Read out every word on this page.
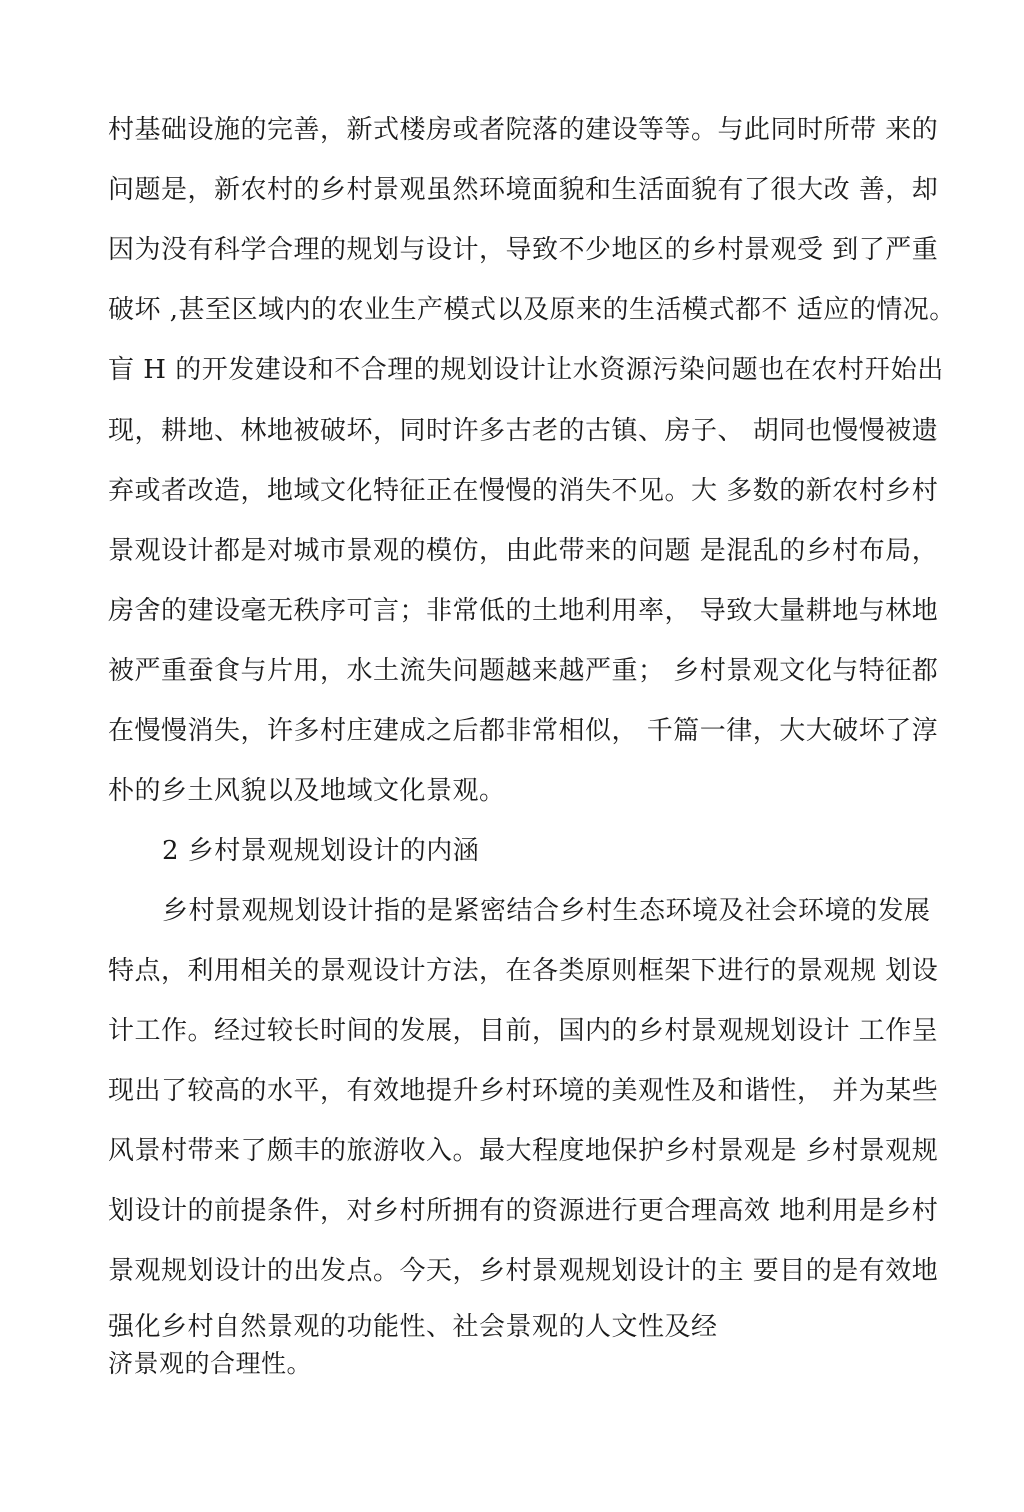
村基础设施的完善，新式楼房或者院落的建设等等。与此同时所带 来的
问题是，新农村的乡村景观虽然环境面貌和生活面貌有了很大改 善，却
因为没有科学合理的规划与设计，导致不少地区的乡村景观受 到了严重
破坏 ,甚至区域内的农业生产模式以及原来的生活模式都不 适应的情况。
盲 H 的开发建设和不合理的规划设计让水资源污染问题也在农村幵始出
现，耕地、林地被破坏，同时许多古老的古镇、房子、 胡同也慢慢被遗
弃或者改造，地域文化特征正在慢慢的消失不见。大 多数的新农村乡村
景观设计都是对城市景观的模仿，由此带来的问题 是混乱的乡村布局，
房舍的建设毫无秩序可言；非常低的土地利用率， 导致大量耕地与林地
被严重蚕食与片用，水土流失问题越来越严重； 乡村景观文化与特征都
在慢慢消失，许多村庄建成之后都非常相似， 千篇一律，大大破坏了淳
朴的乡土风貌以及地域文化景观。
2 乡村景观规划设计的内涵
乡村景观规划设计指的是紧密结合乡村生态环境及社会环境的发展
特点，利用相关的景观设计方法，在各类原则框架下进行的景观规 划设
计工作。经过较长时间的发展，目前，国内的乡村景观规划设计 工作呈
现出了较高的水平，有效地提升乡村环境的美观性及和谐性， 并为某些
风景村带来了颇丰的旅游收入。最大程度地保护乡村景观是 乡村景观规
划设计的前提条件，对乡村所拥有的资源进行更合理高效 地利用是乡村
景观规划设计的出发点。今天，乡村景观规划设计的主 要目的是有效地
强化乡村自然景观的功能性、社会景观的人文性及经
济景观的合理性。
